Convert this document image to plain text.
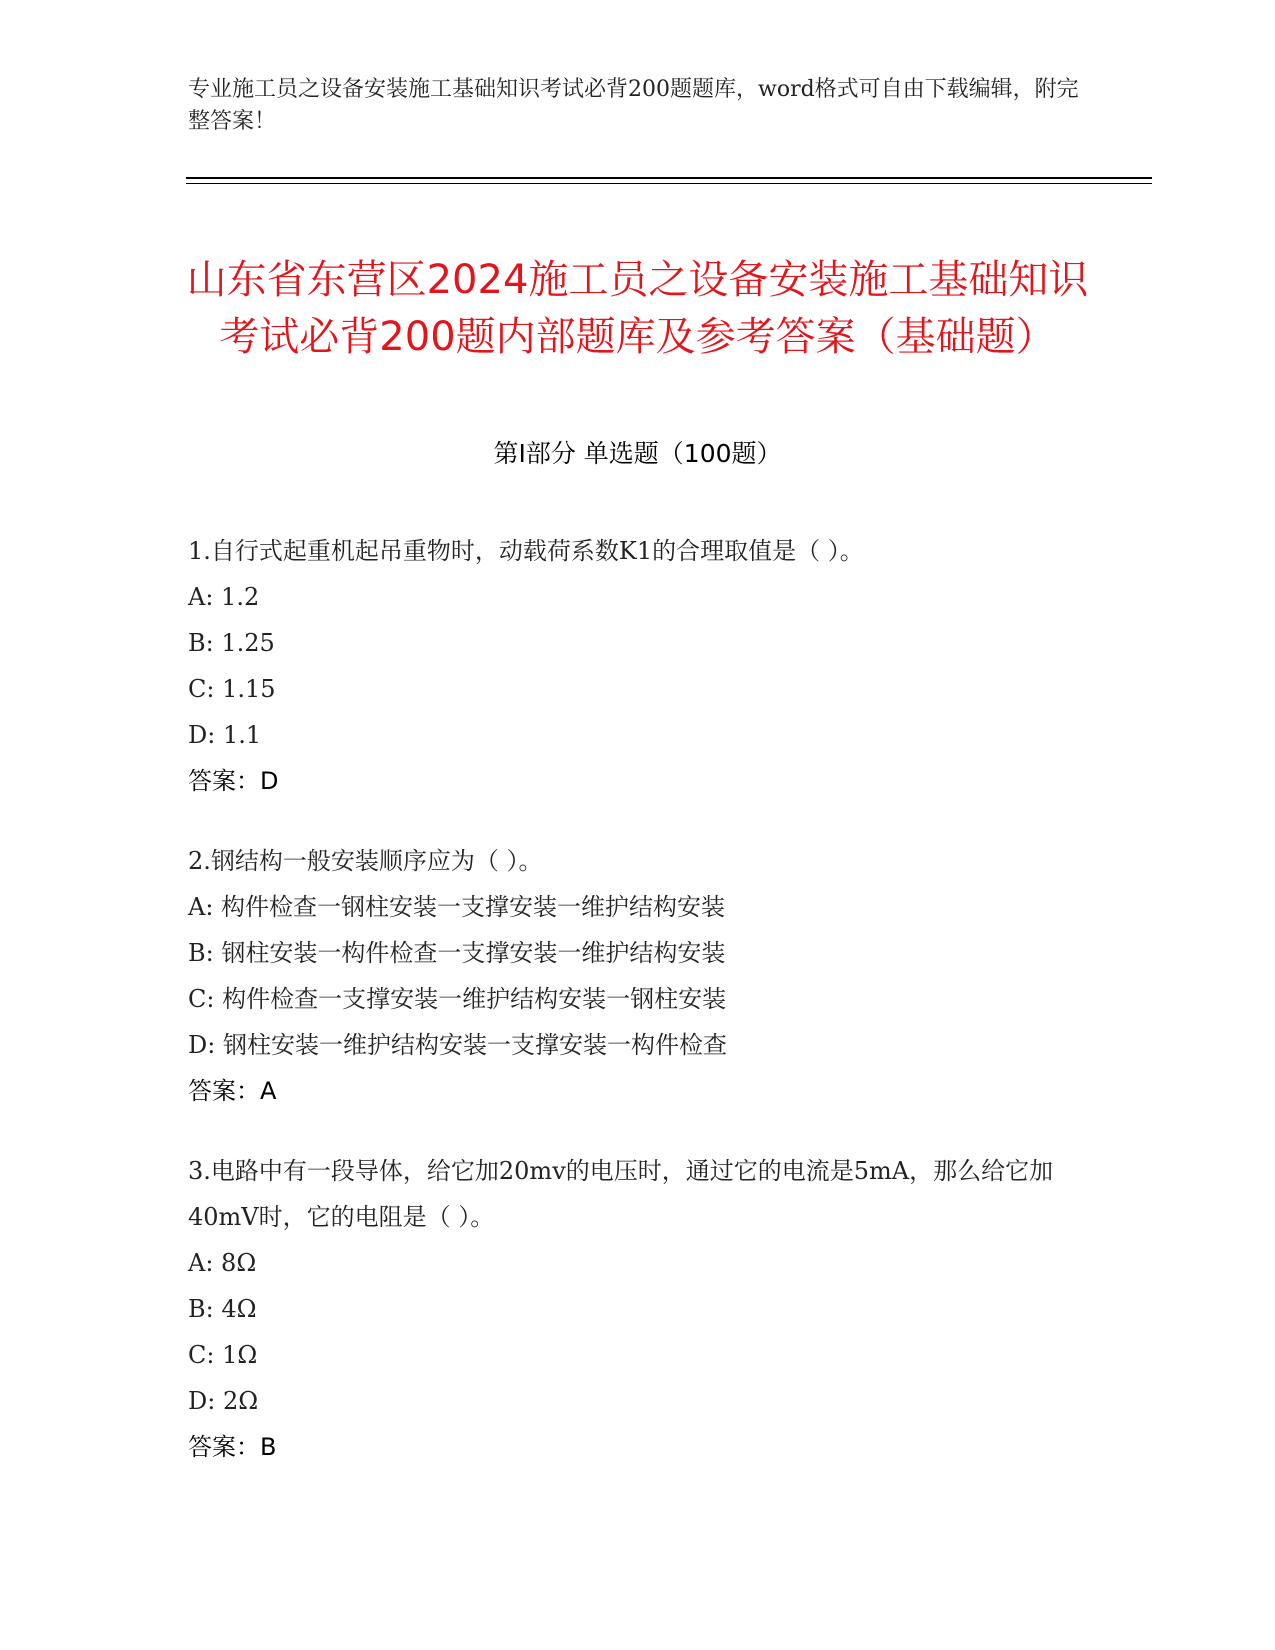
专业施工员之设备安装施工基础知识考试必背200题题库，word格式可自由下载编辑，附完整答案！
山东省东营区2024施工员之设备安装施工基础知识考试必背200题内部题库及参考答案（基础题）
第Ⅰ部分 单选题（100题）
1.自行式起重机起吊重物时，动载荷系数K1的合理取值是（ ）。
A: 1.2
B: 1.25
C: 1.15
D: 1.1
答案：D
2.钢结构一般安装顺序应为（ ）。
A: 构件检查一钢柱安装一支撑安装一维护结构安装
B: 钢柱安装一构件检查一支撑安装一维护结构安装
C: 构件检查一支撑安装一维护结构安装一钢柱安装
D: 钢柱安装一维护结构安装一支撑安装一构件检查
答案：A
3.电路中有一段导体，给它加20mv的电压时，通过它的电流是5mA，那么给它加40mV时，它的电阻是（ ）。
A: 8Ω
B: 4Ω
C: 1Ω
D: 2Ω
答案：B
